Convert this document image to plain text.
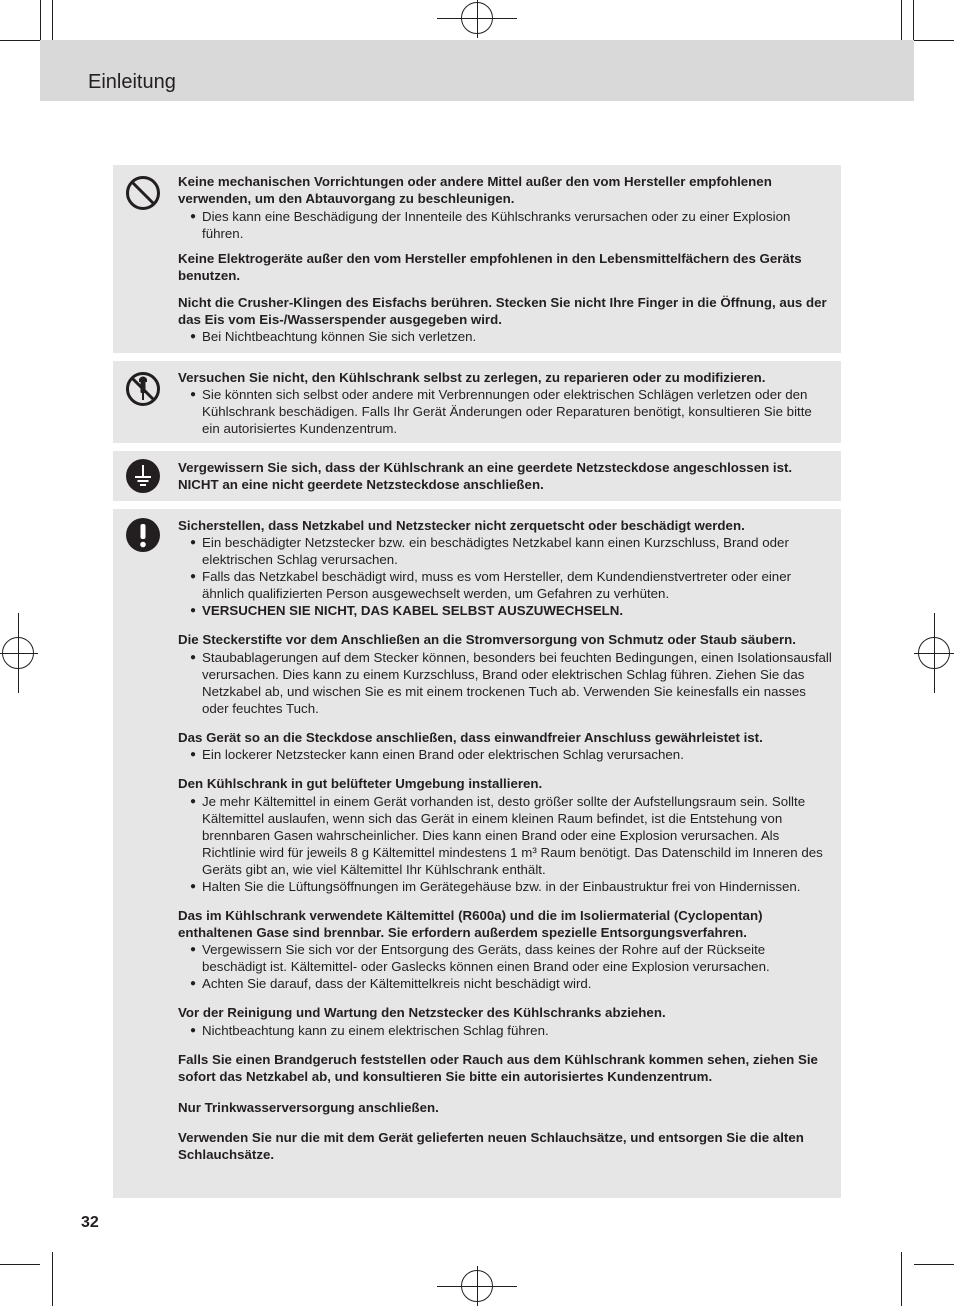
Einleitung

Keine mechanischen Vorrichtungen oder andere Mittel außer den vom Hersteller empfohlenen verwenden, um den Abtauvorgang zu beschleunigen.

● Dies kann eine Beschädigung der Innenteile des Kühlschranks verursachen oder zu einer Explosion führen.

Keine Elektrogeräte außer den vom Hersteller empfohlenen in den Lebensmittelfächern des Geräts benutzen.

Nicht die Crusher-Klingen des Eisfachs berühren. Stecken Sie nicht Ihre Finger in die Öffnung, aus der das Eis vom Eis-/Wasserspender ausgegeben wird.

● Bei Nichtbeachtung können Sie sich verletzen.

Versuchen Sie nicht, den Kühlschrank selbst zu zerlegen, zu reparieren oder zu modifizieren.

● Sie könnten sich selbst oder andere mit Verbrennungen oder elektrischen Schlägen verletzen oder den Kühlschrank beschädigen. Falls Ihr Gerät Änderungen oder Reparaturen benötigt, konsultieren Sie bitte ein autorisiertes Kundenzentrum.

Vergewissern Sie sich, dass der Kühlschrank an eine geerdete Netzsteckdose angeschlossen ist. NICHT an eine nicht geerdete Netzsteckdose anschließen.

Sicherstellen, dass Netzkabel und Netzstecker nicht zerquetscht oder beschädigt werden.

● Ein beschädigter Netzstecker bzw. ein beschädigtes Netzkabel kann einen Kurzschluss, Brand oder elektrischen Schlag verursachen.
● Falls das Netzkabel beschädigt wird, muss es vom Hersteller, dem Kundendienstvertreter oder einer ähnlich qualifizierten Person ausgewechselt werden, um Gefahren zu verhüten.
● VERSUCHEN SIE NICHT, DAS KABEL SELBST AUSZUWECHSELN.

Die Steckerstifte vor dem Anschließen an die Stromversorgung von Schmutz oder Staub säubern.

● Staubablagerungen auf dem Stecker können, besonders bei feuchten Bedingungen, einen Isolationsausfall verursachen. Dies kann zu einem Kurzschluss, Brand oder elektrischen Schlag führen. Ziehen Sie das Netzkabel ab, und wischen Sie es mit einem trockenen Tuch ab. Verwenden Sie keinesfalls ein nasses oder feuchtes Tuch.

Das Gerät so an die Steckdose anschließen, dass einwandfreier Anschluss gewährleistet ist.

● Ein lockerer Netzstecker kann einen Brand oder elektrischen Schlag verursachen.

Den Kühlschrank in gut belüfteter Umgebung installieren.

● Je mehr Kältemittel in einem Gerät vorhanden ist, desto größer sollte der Aufstellungsraum sein. Sollte Kältemittel auslaufen, wenn sich das Gerät in einem kleinen Raum befindet, ist die Entstehung von brennbaren Gasen wahrscheinlicher. Dies kann einen Brand oder eine Explosion verursachen. Als Richtlinie wird für jeweils 8 g Kältemittel mindestens 1 m³ Raum benötigt. Das Datenschild im Inneren des Geräts gibt an, wie viel Kältemittel Ihr Kühlschrank enthält.
● Halten Sie die Lüftungsöffnungen im Gerätegehäuse bzw. in der Einbaustruktur frei von Hindernissen.

Das im Kühlschrank verwendete Kältemittel (R600a) und die im Isoliermaterial (Cyclopentan) enthaltenen Gase sind brennbar. Sie erfordern außerdem spezielle Entsorgungsverfahren.

● Vergewissern Sie sich vor der Entsorgung des Geräts, dass keines der Rohre auf der Rückseite beschädigt ist. Kältemittel- oder Gaslecks können einen Brand oder eine Explosion verursachen.
● Achten Sie darauf, dass der Kältemittelkreis nicht beschädigt wird.

Vor der Reinigung und Wartung den Netzstecker des Kühlschranks abziehen.

● Nichtbeachtung kann zu einem elektrischen Schlag führen.

Falls Sie einen Brandgeruch feststellen oder Rauch aus dem Kühlschrank kommen sehen, ziehen Sie sofort das Netzkabel ab, und konsultieren Sie bitte ein autorisiertes Kundenzentrum.

Nur Trinkwasserversorgung anschließen.

Verwenden Sie nur die mit dem Gerät gelieferten neuen Schlauchsätze, und entsorgen Sie die alten Schlauchsätze.

32
